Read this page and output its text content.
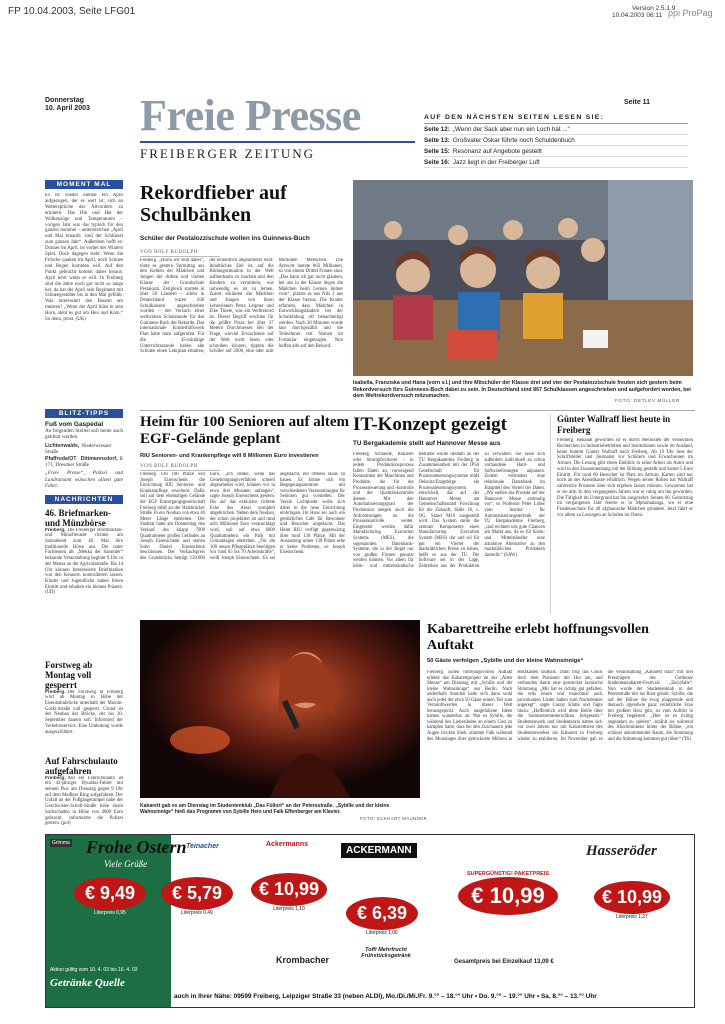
FP 10.04.2003, Seite LFG01	Version 2.5.1.9
10.04.2003 06:11 ppi ProPag
Donnerstag
10. April 2003 Freie Presse
FREIBERGER ZEITUNG
Seite 11
AUF DEN NÄCHSTEN SEITEN LESEN SIE:
Seite 12: „Wenn der Sack aber nun ein Loch hat ...“
Seite 13: Großvater Oskar führte noch Schuldenbuch
Seite 15: Resonanz auf Angebote gestellt
Seite 16: Jazz liegt in der Freiberger Luft
MOMENT MAL
Es ist wieder einmal ein April aufgezogen, der es wert ist, sich an Wettersprüche der Altvordern zu erinnern. Das Hin und Her der Wolkenzüge und Temperaturen – vorigen Jahr war das typisch für den ganzen Sommer – unterstreichen „April und Mai hinaufe, sind der Schlüssel zum ganzen Jahr“. Außerdem hofft es: Donner im April, ist vorbei des Winters Spiel. Doch dagegen steht: Wenn die Frösche quaken im April, noch Schnee und Regen kommen will. Auf den Punkt gebracht kommt dabei heraus: April lehrt wenn er will. In Freiberg sind die Jahre noch gar nicht so lange her, da hat der April sein Regiment mit Schneegestöber bis in den Mai gefühlt. Was interessiert den Bauern am meisten? „Wenn der April bläst in sein Horn, steht es gut um Heu und Korn.“ So denn, prost. (UK)
BLITZ-TIPPS
Fuß vom Gaspedal
An folgenden Stellen soll heute auch geblitzt werden:
Lichtenwalde, Niederwiesaer Straße
Pfaffroda/OT Dittmannsdorf, B 171, Dresdner Straße
„Freie Presse“, Polizei und Landratsamt wünschen allzeit gute Fahrt.
NACHRICHTEN
46. Briefmarken- und Münzbörse
Freiberg. Die Freiberger Briefmarken- und Münzfreunde richten am Sonnabend zum 46. Mal ihre traditionelle Börse aus. Die unter Fachleuten als „Mekka der Sammler“ bekannte Veranstaltung beginnt 9 Uhr in der Mensa an der Agricolastraße. Bis 14 Uhr können Interessierte Briefmarken von den Kennern kontrollieren lassen. Kinder und Jugendliche haben freien Eintritt und erhalten ein kleines Präsent. (UD)
Forstweg ab Montag voll gesperrt
Freiberg. Der Forstweg in Freiberg wird ab Montag in Höhe der Eisenbahnbrücke unterhalb der Maxim-Gorki-Straße voll gesperrt. Grund ist der Neubau der Brücke, der bis 30. September dauern soll. Informiert der Verkehrsservice. Eine Umleitung wurde ausgeschildert.
Auf Fahrschulauto aufgefahren
Freiberg. Auf ein Fahrschulauto ist ein 42-jähriger Hyundai-Fahrer mit seinem Pkw am Dienstag gegen 9 Uhr auf dem Meißner Ring aufgefahren. Der Unfall an der Fußgängerampel nahe der Geschwister-Scholl-Straße habe einen Sachschaden in Höhe von 4000 Euro gebracht, informierte die Polizei gestern. (pol)
Rekordfieber auf Schulbänken
Schüler der Pestalozzischule wollen ins Guinness-Buch
VON ROLF RUDOLPH
Freiberg. „Hurra wir sind dabei“, tönte es gestern Vormittag aus den Kehlen der Mädchen und Jungen der dritten und vierten Klasse der Grundschule Pestalozzi. Zeitgleich startete in über 50 Ländern – allein in Deutschland waren 836 Schulklassen angeschrieben worden – der Versuch einer weltweiten Schulstunde für das Guinness-Buch der Rekorde. Das internationale Kinderhilfswerk Plan hatte dazu aufgerufen. Für die 45-minütige Unterrichtsstunde haben alle Schulen einen Lehrplan erhalten, der einheitlich abgearbeitet wird. Inhaltliches Ziel ist, auf die Bildungssituation in der Welt aufmerksam zu machen und den Kindern zu vermitteln, wie notwendig es ist zu lernen. Zuerst erklärten die Mädchen und Jungen von ihren Lehrerinnen Petra Leipner und Elke Thiele, was ein Weltrekord ist. Dieser Begriff erschien für die größte Pizza bei über 37 Metern Durchmesser. Bei der Frage, wieviel Erwachsene auf der Welt nicht lesen oder schreiben können, tippten die Schüler auf 2000, eine oder acht Millionen Menschen. Die Antwort lautete 862 Millionen, so von einem Drittel Frauen sind. „Das kann ich gar nicht glauben, bei uns in der Klasse liegen die Mädchen beim Lernen immer vorn“, platzte es aus Nils 2 aus der Klasse heraus. Die Kinder erfuhren, dass Mädchen in Entwicklungsländern bei der Schulbildung oft benachteiligt werden. Nach 30 Minuten wurde laut durchgezählt und die Teilnehmer mit Namen im Formular eingetragen. Nun hoffen alle auf den Rekord.
Isabella, Franziska und Hana (vorn v.l.) und ihre Mitschüler der Klasse drei und vier der Pestalozzischule freuten sich gestern beim Rekordversuch fürs Guinness-Buch dabei zu sein. In Deutschland sind 867 Schulklassen angeschrieben und aufgefordert worden, bei dem Weltrekordversuch mitzumachen.
FOTO: DETLEV MÜLLER
Heim für 100 Senioren auf altem EGF-Gelände geplant
RIU Senioren- und Krankenpflege will 8 Millionen Euro investieren
VON ROLF RUDOLPH
Freiberg. Um 100 Plätze will Joseph Eisenschenk die Einrichtung RIU Senioren- und Krankenpflege erweitern. Dafür soll auf dem ehemaligen Gelände der EGF Entsorgungsgesellschaft Freiberg mbH an der Halsbrücker Straße 16 ein Neubau von etwa 40 Meter Länge entstehen. Der Stadtrat hatte am Donnerstag den Verkauf des knapp 7000 Quadratmeter großen Geländes an Joseph Eisenschenk und seinen Sohn Daniel Eisenschenk beschlossen. Der Verkaufspreis des Grundstücks beträgt 120.000 Euro. „Ich denke, wenn das Genehmigungsverfahren schnell abgearbeitet wird, können wir in etwa drei Monaten anfangen“, sagte Joseph Eisenschenk gestern. Bis auf das exklusive richtete Ecke des Areal komplett abgebrochen. Neben dem Neubau, der schon projektiert ist und rund acht Millionen Euro veranschlagt wird, soll auf etwa 6000 Quadratmetern ein Park mit Grünanlagen entstehen. „Für die 100 neuen Pflegeplätze benötigen wir rund 65 bis 70 Arbeitskräfte“, weiß Joseph Eisenschenk. Es sei angedacht, ein offenes Haus zu bauen. Es könne sich ein Begegnungszentrum mit verschiedenen Veranstaltungen für Senioren gut vorstellen. Der Verein Lichtpunkt wolle sich dabei in die neue Einrichtung einbringen. Im Haus sei auch ein gemütliches Café für Bewohner und Besucher angedacht. Das Heim RIU verfügt gegenwärtig über rund 130 Plätze. Mit der Auslastung seiner 130 Plätze sehe er keine Probleme, so Joseph Eisenschenk.
IT-Konzept gezeigt
TU Bergakademie stellt auf Hannover Messe aus
Freiberg. Schneide, Brauerei oder Strumpfwirkerei – in jedem Produktionsprozess fallen Daten an, vorwiegend Kennzahlen der Maschinen und Produkte, die für die Prozesssteuerung und -kontrolle und der Qualitätskontrolle dienen. Mit den Automatisierungsgrad der Produktion steigen auch die Anforderungen an die Prozesskontrolle weiter. Eingesetzt werden dafür Manufacturing Execution Systems (MES), die sogenannten Datenbank-Systeme, die in der Regel nur von großen Firmen genutzt werden können. Vor allem für klein- und mittelständische Betriebe wurde deshalb an der TU Bergakademie Freiberg in Zusammenarbeit mit der IPSS Gesellschaft für Prozesssteuerungssysteme mbH Oelsnitz/Erzgebirge ein Prozesssteuerungssystem entwickelt, das auf der Hannover Messe am Gemeinschaftsstand Forschung für die Zukunft, Halle 18, 1. OG, Stand M16 ausgestellt wird. Das System stelle die zentrale Komponente eines Manufacturing Execution System (MES) dar und sei für gut ein Viertel der marktüblichen Preise zu haben, heißt es aus der TU. Die Software sei in der Lage, Zeitreihen aus der Produktion zu verwalten. Sie lasse sich außerdem individuell an schon vorhandene Hard- und Softwarelösungen anpassen. Zudem verbinden eine relationale Datenbank im Hauptteil den Vorteil der Daten. „Wir stellen das Produkt auf der Hannover Messe erstmalig vor“, so Professor Peter Löber vom Institut für Automatisierungstechnik der TU Bergakademie Freiberg, „und rechnen uns gute Chancen am Markt aus, da es für Klein- und Mittelständler eine attraktive Alternative zu den marktüblichen Produkten darstellt.“ (SAW)
Günter Wallraff liest heute in Freiberg
Freiberg. Bekannt geworden ist er durch Methoden der verdeckten Recherchen in Industriebetrieben und Institutionen sowie im Ausland, heute kommt Günter Wallraff nach Freiberg. Ab 19 Uhr liest der Schriftsteller und Journalist vor Schülern und Erwachsenen im Atrium. Die Lesung gibt einen Einblick in seine Arbeit als Autor und wird in den Zusammenhang mit der Bildung gestellt und kostet 5 Euro Eintritt. Für rund 80 Besucher ist Platz im Atrium, Karten sind nur noch an der Abendkasse erhältlich. Wegen seiner Rollen hat Wallraff zahlreiche Prozesse über sich ergehen lassen müssen. Gewonnen hat er sie alle. In den vergangenen Jahren war er ruhig um ihn geworden. Die Tätigkeit im Untergrund hat ihn ausgezehrt. Seinen 60. Geburtstag im vergangenen Jahr feierte er in Mphumalanga, wo er eine Friedensschule für 40 afghanische Mädchen gründete. Jetzt fährt er vor allem zu Lesungen an Schulen im Osten.
Kabarett gab es am Dienstag im Studentenklub „Das Füllort“ an der Petersstraße. „Sybille und der kleine Wahnsinnige“ hieß das Programm von Sybille Hein und Falk Effenberger am Klavier.
FOTO: ECKHART MAUNDER
Kabarettreihe erlebt hoffnungsvollen Auftakt
50 Gäste verfolgen „Sybille und der kleine Wahnsinnige“
Freiberg. Einen hoffnungsvollen Auftakt erlebte das Kabarettprojekt im der „Alten Mensa“ am Dienstag mit „Sybille und der kleine Wahnsinnige“ aus Berlin. Nach anderthalb Stunden hatte sich dann wohl auch jeder der etwa 50 Gäste seinen Teil zum Vernünftwerden in dieser Welt herausgepickt. Auch ausgefallene Ideen kamen wunderbar an: War es Sybille, die während des Liebesliedes an einem Gast zu kämpfen hatte, dass bei den Zuschauern jede Augen trocken blieb, stimmte Falk während des Monologes über getrocknete Möhren in Holzkästen lauthals. Dann trug das Glück doch dem Pianisten mit Hut am, und verbunden damit eine gestreckte komische Stimmung. „Mir hat es richtig gut gefallen, die teils leisen und manchmal auch provokanten Lieder haben zum Nachdenken angeregt“, sagte Conny Klatte und fügte hinzu: „Hoffentlich wird diese Reihe über die Sommersemesterschluss fortgesetzt.“ Studentenwerk und Studentenrat hatten sich vor zwei Jahren nur mit Kabarettisten des Studentenwerkes ins Kabarett in Freiberg wieder zu etablieren. Im November gab es die Veranstaltung „Kabarett total“ mit drei Preisträgern des Cottbuser Studentenkabarett-Festivals „Ek(s)falle“. Nun wurde der Studentenklub in der Petersstraße mit ins Boot geholt. Sybille, die auf der Bühne die ewig plappernde und dennoch irgendwie ganz verletzliche Frau mit großem Herz gibt, ist vom Auftritt in Freiberg begeistert. „Hier ist es richtig angenehm zu spielen“, erzählt sie während des Abschminkens hinter der Bühne, „ein schöner ankommender Raum, die Stimmung und die Stimmung kommen gut rüber.“ (TS)
Frohe Ostern
Viele Grüße
€ 9,49
Literpreis 0,95
Grimma
€ 5,79
Literpreis 0,49
Teinacher
€ 10,99
Literpreis 1,10
Ackermanns
ACKERMANN
€ 6,39
Literpreis 1,06
Toffi Mehrfrucht Frühstücksgetränk
SUPERGÜNSTIG! PAKETPREIS
€ 10,99
Krombacher	Gesamtpreis bei Einzelkauf 13,09 €
Hasseröder
€ 10,99
Literpreis 1,27
Aktion gültig vom 10. 4. 03 bis 16. 4. 03
Getränke Quelle
auch in Ihrer Nähe: 09599 Freiberg, Leipziger Straße 33 (neben ALDI), Mo./Di./Mi./Fr. 9.°° – 18.°° Uhr • Do. 9.°° – 19.°° Uhr • Sa. 8.°° – 13.°° Uhr
